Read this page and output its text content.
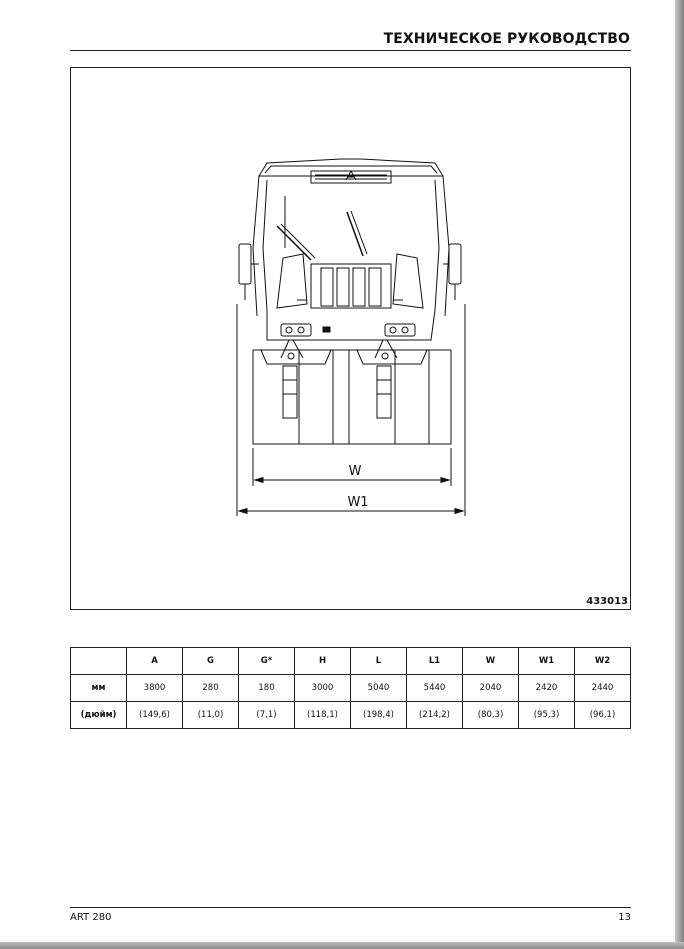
ТЕХНИЧЕСКОЕ РУКОВОДСТВО
W
W1
433013
	A	G	G*	H	L	L1	W	W1	W2
мм	3800	280	180	3000	5040	5440	2040	2420	2440
(дюйм)	(149,6)	(11,0)	(7,1)	(118,1)	(198,4)	(214,2)	(80,3)	(95,3)	(96,1)
ART 280	13
